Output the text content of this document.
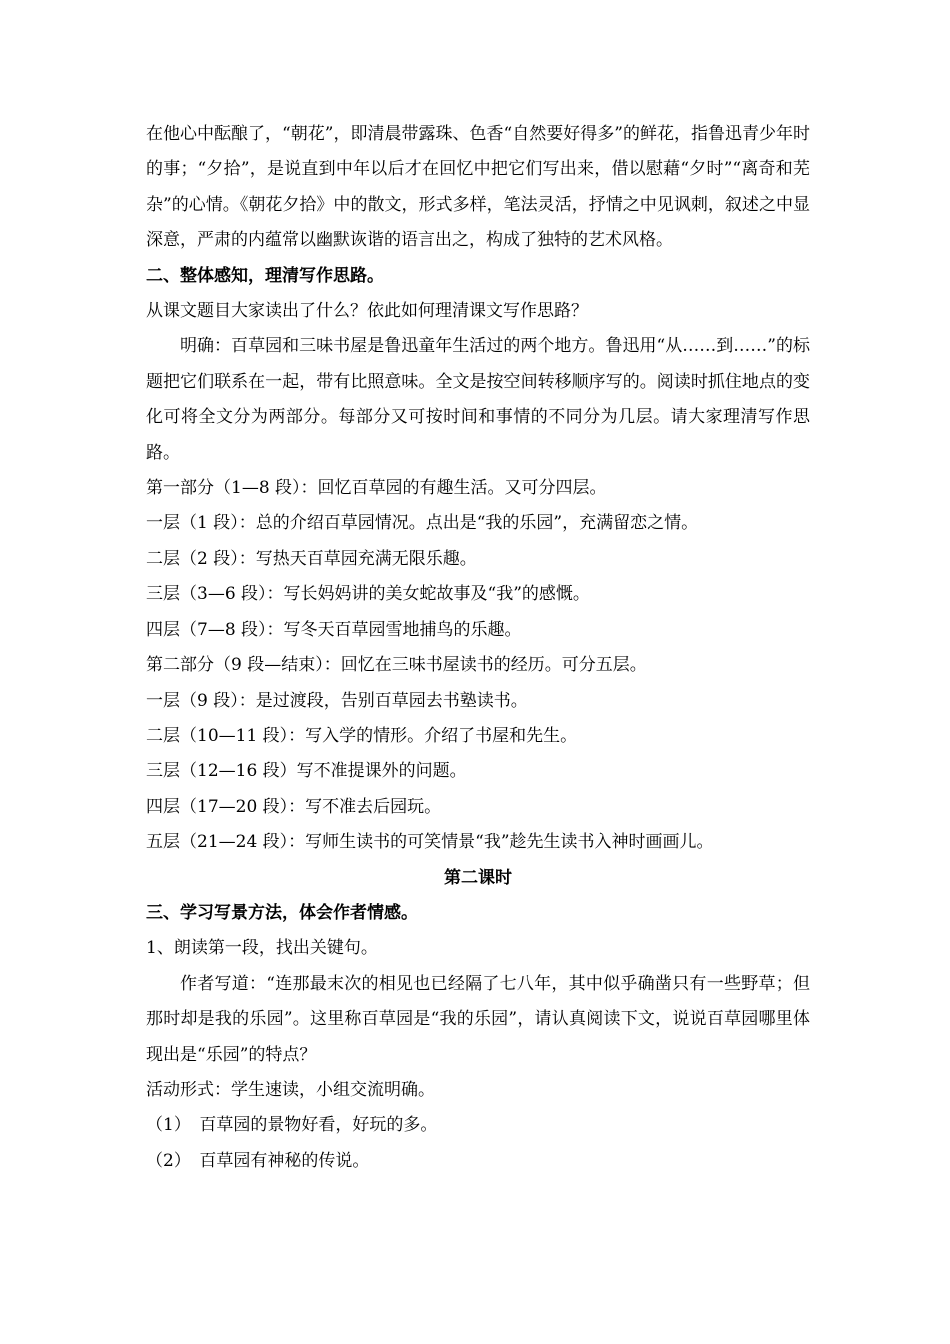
在他心中酝酿了，“朝花”，即清晨带露珠、色香“自然要好得多”的鲜花，指鲁迅青少年时的事；“夕拾”，是说直到中年以后才在回忆中把它们写出来，借以慰藉“夕时”“离奇和芜杂”的心情。《朝花夕拾》中的散文，形式多样，笔法灵活，抒情之中见讽刺，叙述之中显深意，严肃的内蕴常以幽默诙谐的语言出之，构成了独特的艺术风格。

二、整体感知，理清写作思路。

从课文题目大家读出了什么？依此如何理清课文写作思路？

明确：百草园和三味书屋是鲁迅童年生活过的两个地方。鲁迅用“从……到……”的标题把它们联系在一起，带有比照意味。全文是按空间转移顺序写的。阅读时抓住地点的变化可将全文分为两部分。每部分又可按时间和事情的不同分为几层。请大家理清写作思路。

第一部分（1—8 段）：回忆百草园的有趣生活。又可分四层。

一层（1 段）：总的介绍百草园情况。点出是“我的乐园”，充满留恋之情。

二层（2 段）：写热天百草园充满无限乐趣。

三层（3—6 段）：写长妈妈讲的美女蛇故事及“我”的感慨。

四层（7—8 段）：写冬天百草园雪地捕鸟的乐趣。

第二部分（9 段—结束）：回忆在三味书屋读书的经历。可分五层。

一层（9 段）：是过渡段，告别百草园去书塾读书。

二层（10—11 段）：写入学的情形。介绍了书屋和先生。

三层（12—16 段）写不准提课外的问题。

四层（17—20 段）：写不准去后园玩。

五层（21—24 段）：写师生读书的可笑情景“我”趁先生读书入神时画画儿。

第二课时

三、学习写景方法，体会作者情感。

1、朗读第一段，找出关键句。

作者写道：“连那最末次的相见也已经隔了七八年，其中似乎确凿只有一些野草；但那时却是我的乐园”。这里称百草园是“我的乐园”，请认真阅读下文，说说百草园哪里体现出是“乐园”的特点？

活动形式：学生速读，小组交流明确。

（1）　百草园的景物好看，好玩的多。

（2）　百草园有神秘的传说。
